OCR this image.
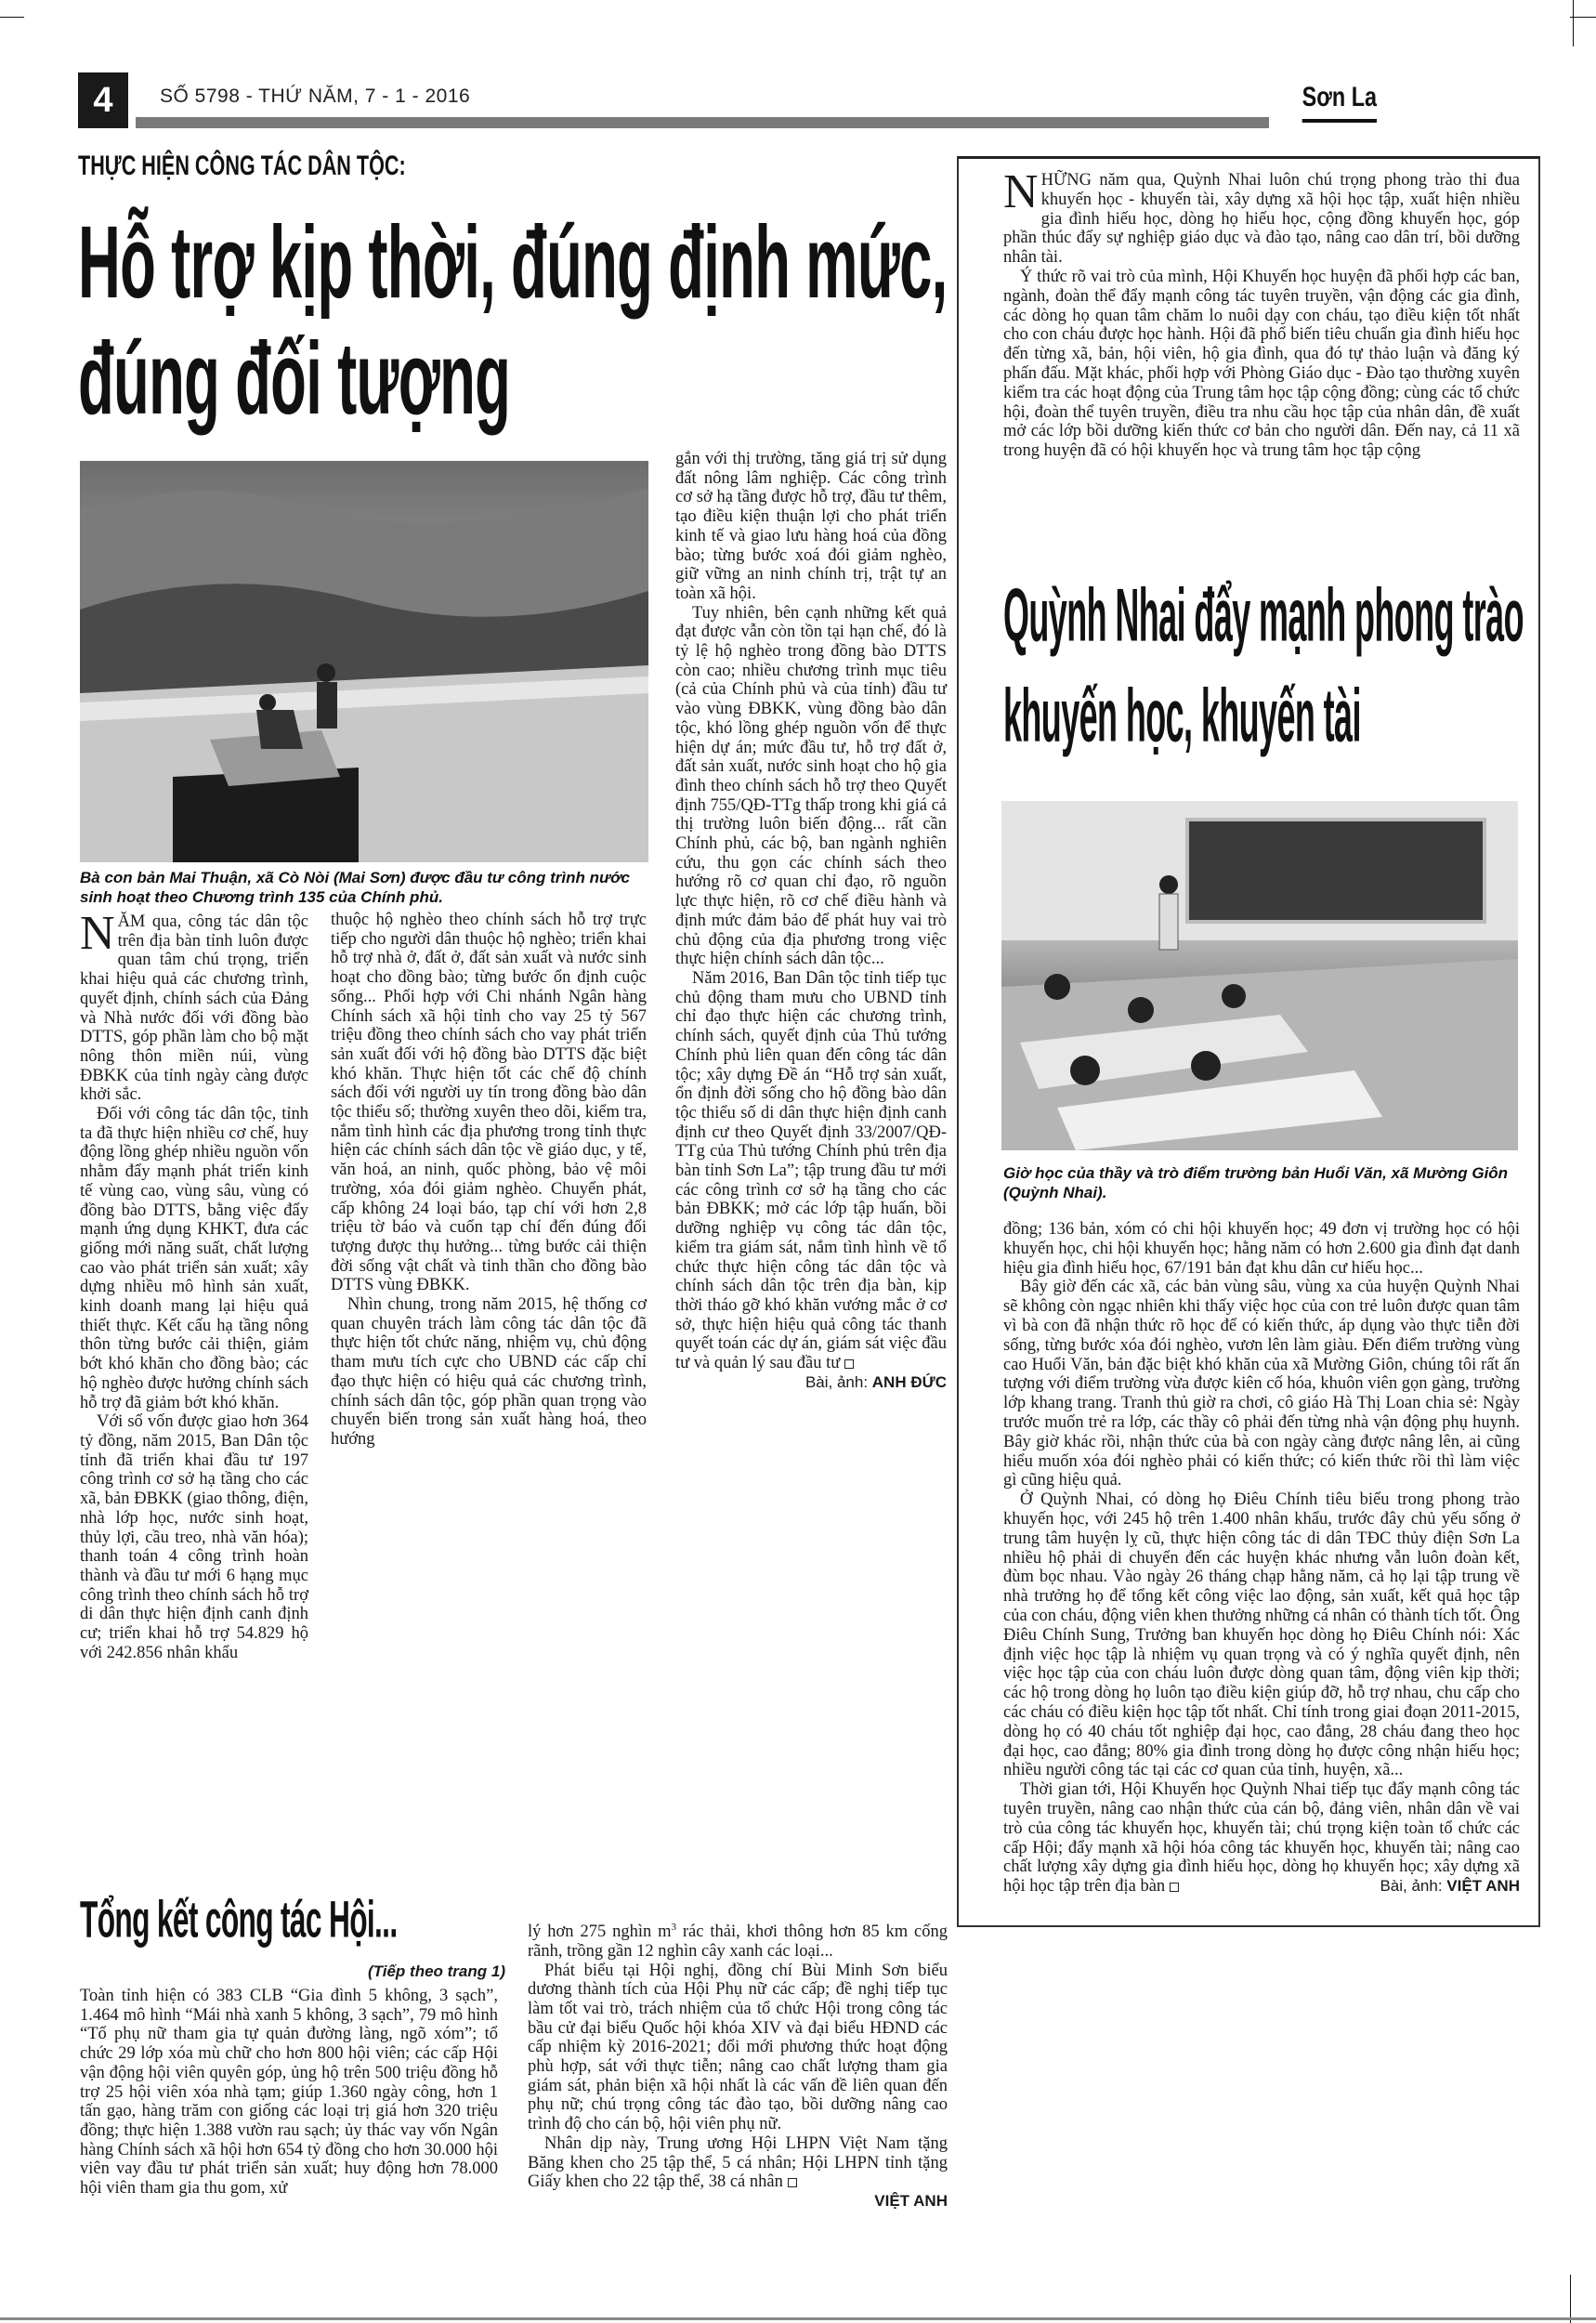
4	SỐ 5798 - THỨ NĂM, 7 - 1 - 2016	Sơn La
THỰC HIỆN CÔNG TÁC DÂN TỘC:
Hỗ trợ kịp thời, đúng định mức,
đúng đối tượng
Bà con bản Mai Thuận, xã Cò Nòi (Mai Sơn) được đầu tư công trình nước sinh hoạt theo Chương trình 135 của Chính phủ.

NĂM qua, công tác dân tộc trên địa bàn tỉnh luôn được quan tâm chú trọng, triển khai hiệu quả các chương trình, quyết định, chính sách của Đảng và Nhà nước đối với đồng bào DTTS, góp phần làm cho bộ mặt nông thôn miền núi, vùng ĐBKK của tỉnh ngày càng được khởi sắc.

Đối với công tác dân tộc, tỉnh ta đã thực hiện nhiều cơ chế, huy động lồng ghép nhiều nguồn vốn nhằm đẩy mạnh phát triển kinh tế vùng cao, vùng sâu, vùng có đồng bào DTTS, bằng việc đẩy mạnh ứng dụng KHKT, đưa các giống mới năng suất, chất lượng cao vào phát triển sản xuất; xây dựng nhiều mô hình sản xuất, kinh doanh mang lại hiệu quả thiết thực. Kết cấu hạ tầng nông thôn từng bước cải thiện, giảm bớt khó khăn cho đồng bào; các hộ nghèo được hưởng chính sách hỗ trợ đã giảm bớt khó khăn.

Với số vốn được giao hơn 364 tỷ đồng, năm 2015, Ban Dân tộc tỉnh đã triển khai đầu tư 197 công trình cơ sở hạ tầng cho các xã, bản ĐBKK (giao thông, điện, nhà lớp học, nước sinh hoạt, thủy lợi, cầu treo, nhà văn hóa); thanh toán 4 công trình hoàn thành và đầu tư mới 6 hạng mục công trình theo chính sách hỗ trợ di dân thực hiện định canh định cư; triển khai hỗ trợ 54.829 hộ với 242.856 nhân khẩu

thuộc hộ nghèo theo chính sách hỗ trợ trực tiếp cho người dân thuộc hộ nghèo; triển khai hỗ trợ nhà ở, đất ở, đất sản xuất và nước sinh hoạt cho đồng bào; từng bước ổn định cuộc sống... Phối hợp với Chi nhánh Ngân hàng Chính sách xã hội tỉnh cho vay 25 tỷ 567 triệu đồng theo chính sách cho vay phát triển sản xuất đối với hộ đồng bào DTTS đặc biệt khó khăn. Thực hiện tốt các chế độ chính sách đối với người uy tín trong đồng bào dân tộc thiểu số; thường xuyên theo dõi, kiểm tra, nắm tình hình các địa phương trong tỉnh thực hiện các chính sách dân tộc về giáo dục, y tế, văn hoá, an ninh, quốc phòng, bảo vệ môi trường, xóa đói giảm nghèo. Chuyển phát, cấp không 24 loại báo, tạp chí với hơn 2,8 triệu tờ báo và cuốn tạp chí đến đúng đối tượng được thụ hưởng... từng bước cải thiện đời sống vật chất và tinh thần cho đồng bào DTTS vùng ĐBKK.

Nhìn chung, trong năm 2015, hệ thống cơ quan chuyên trách làm công tác dân tộc đã thực hiện tốt chức năng, nhiệm vụ, chủ động tham mưu tích cực cho UBND các cấp chỉ đạo thực hiện có hiệu quả các chương trình, chính sách dân tộc, góp phần quan trọng vào chuyển biến trong sản xuất hàng hoá, theo hướng

gắn với thị trường, tăng giá trị sử dụng đất nông lâm nghiệp. Các công trình cơ sở hạ tầng được hỗ trợ, đầu tư thêm, tạo điều kiện thuận lợi cho phát triển kinh tế và giao lưu hàng hoá của đồng bào; từng bước xoá đói giảm nghèo, giữ vững an ninh chính trị, trật tự an toàn xã hội.

Tuy nhiên, bên cạnh những kết quả đạt được vẫn còn tồn tại hạn chế, đó là tỷ lệ hộ nghèo trong đồng bào DTTS còn cao; nhiều chương trình mục tiêu (cả của Chính phủ và của tỉnh) đầu tư vào vùng ĐBKK, vùng đồng bào dân tộc, khó lồng ghép nguồn vốn để thực hiện dự án; mức đầu tư, hỗ trợ đất ở, đất sản xuất, nước sinh hoạt cho hộ gia đình theo chính sách hỗ trợ theo Quyết định 755/QĐ-TTg thấp trong khi giá cả thị trường luôn biến động... rất cần Chính phủ, các bộ, ban ngành nghiên cứu, thu gọn các chính sách theo hướng rõ cơ quan chỉ đạo, rõ nguồn lực thực hiện, rõ cơ chế điều hành và định mức đảm bảo để phát huy vai trò chủ động của địa phương trong việc thực hiện chính sách dân tộc...

Năm 2016, Ban Dân tộc tỉnh tiếp tục chủ động tham mưu cho UBND tỉnh chỉ đạo thực hiện các chương trình, chính sách, quyết định của Thủ tướng Chính phủ liên quan đến công tác dân tộc; xây dựng Đề án “Hỗ trợ sản xuất, ổn định đời sống cho hộ đồng bào dân tộc thiểu số di dân thực hiện định canh định cư theo Quyết định 33/2007/QĐ-TTg của Thủ tướng Chính phủ trên địa bàn tỉnh Sơn La”; tập trung đầu tư mới các công trình cơ sở hạ tầng cho các bản ĐBKK; mở các lớp tập huấn, bồi dưỡng nghiệp vụ công tác dân tộc, kiểm tra giám sát, nắm tình hình về tổ chức thực hiện công tác dân tộc và chính sách dân tộc trên địa bàn, kịp thời tháo gỡ khó khăn vướng mắc ở cơ sở, thực hiện hiệu quả công tác thanh quyết toán các dự án, giám sát việc đầu tư và quản lý sau đầu tư

Bài, ảnh: ANH ĐỨC

NHỮNG năm qua, Quỳnh Nhai luôn chú trọng phong trào thi đua khuyến học - khuyến tài, xây dựng xã hội học tập, xuất hiện nhiều gia đình hiếu học, dòng họ hiếu học, cộng đồng khuyến học, góp phần thúc đẩy sự nghiệp giáo dục và đào tạo, nâng cao dân trí, bồi dưỡng nhân tài.

Ý thức rõ vai trò của mình, Hội Khuyến học huyện đã phối hợp các ban, ngành, đoàn thể đẩy mạnh công tác tuyên truyền, vận động các gia đình, các dòng họ quan tâm chăm lo nuôi dạy con cháu, tạo điều kiện tốt nhất cho con cháu được học hành. Hội đã phổ biến tiêu chuẩn gia đình hiếu học đến từng xã, bản, hội viên, hộ gia đình, qua đó tự thảo luận và đăng ký phấn đấu. Mặt khác, phối hợp với Phòng Giáo dục - Đào tạo thường xuyên kiểm tra các hoạt động của Trung tâm học tập cộng đồng; cùng các tổ chức hội, đoàn thể tuyên truyền, điều tra nhu cầu học tập của nhân dân, đề xuất mở các lớp bồi dưỡng kiến thức cơ bản cho người dân. Đến nay, cả 11 xã trong huyện đã có hội khuyến học và trung tâm học tập cộng

Quỳnh Nhai đẩy mạnh phong trào
khuyến học, khuyến tài
Giờ học của thầy và trò điểm trường bản Huổi Văn, xã Mường Giôn (Quỳnh Nhai).

đồng; 136 bản, xóm có chi hội khuyến học; 49 đơn vị trường học có hội khuyến học, chi hội khuyến học; hằng năm có hơn 2.600 gia đình đạt danh hiệu gia đình hiếu học, 67/191 bản đạt khu dân cư hiếu học...

Bây giờ đến các xã, các bản vùng sâu, vùng xa của huyện Quỳnh Nhai sẽ không còn ngạc nhiên khi thấy việc học của con trẻ luôn được quan tâm vì bà con đã nhận thức rõ học để có kiến thức, áp dụng vào thực tiễn đời sống, từng bước xóa đói nghèo, vươn lên làm giàu. Đến điểm trường vùng cao Huổi Văn, bản đặc biệt khó khăn của xã Mường Giôn, chúng tôi rất ấn tượng với điểm trường vừa được kiên cố hóa, khuôn viên gọn gàng, trường lớp khang trang. Tranh thủ giờ ra chơi, cô giáo Hà Thị Loan chia sẻ: Ngày trước muốn trẻ ra lớp, các thầy cô phải đến từng nhà vận động phụ huynh. Bây giờ khác rồi, nhận thức của bà con ngày càng được nâng lên, ai cũng hiểu muốn xóa đói nghèo phải có kiến thức; có kiến thức rồi thì làm việc gì cũng hiệu quả.

Ở Quỳnh Nhai, có dòng họ Điêu Chính tiêu biểu trong phong trào khuyến học, với 245 hộ trên 1.400 nhân khẩu, trước đây chủ yếu sống ở trung tâm huyện lỵ cũ, thực hiện công tác di dân TĐC thủy điện Sơn La nhiều hộ phải di chuyển đến các huyện khác nhưng vẫn luôn đoàn kết, đùm bọc nhau. Vào ngày 26 tháng chạp hằng năm, cả họ lại tập trung về nhà trưởng họ để tổng kết công việc lao động, sản xuất, kết quả học tập của con cháu, động viên khen thưởng những cá nhân có thành tích tốt. Ông Điêu Chính Sung, Trưởng ban khuyến học dòng họ Điêu Chính nói: Xác định việc học tập là nhiệm vụ quan trọng và có ý nghĩa quyết định, nên việc học tập của con cháu luôn được dòng quan tâm, động viên kịp thời; các hộ trong dòng họ luôn tạo điều kiện giúp đỡ, hỗ trợ nhau, chu cấp cho các cháu có điều kiện học tập tốt nhất. Chỉ tính trong giai đoạn 2011-2015, dòng họ có 40 cháu tốt nghiệp đại học, cao đẳng, 28 cháu đang theo học đại học, cao đẳng; 80% gia đình trong dòng họ được công nhận hiếu học; nhiều người công tác tại các cơ quan của tỉnh, huyện, xã...

Thời gian tới, Hội Khuyến học Quỳnh Nhai tiếp tục đẩy mạnh công tác tuyên truyền, nâng cao nhận thức của cán bộ, đảng viên, nhân dân về vai trò của công tác khuyến học, khuyến tài; chú trọng kiện toàn tổ chức các cấp Hội; đẩy mạnh xã hội hóa công tác khuyến học, khuyến tài; nâng cao chất lượng xây dựng gia đình hiếu học, dòng họ khuyến học; xây dựng xã hội học tập trên địa bàn	Bài, ảnh: VIỆT ANH

Tổng kết công tác Hội...
(Tiếp theo trang 1)

Toàn tỉnh hiện có 383 CLB “Gia đình 5 không, 3 sạch”, 1.464 mô hình “Mái nhà xanh 5 không, 3 sạch”, 79 mô hình “Tổ phụ nữ tham gia tự quản đường làng, ngõ xóm”; tổ chức 29 lớp xóa mù chữ cho hơn 800 hội viên; các cấp Hội vận động hội viên quyên góp, ủng hộ trên 500 triệu đồng hỗ trợ 25 hội viên xóa nhà tạm; giúp 1.360 ngày công, hơn 1 tấn gạo, hàng trăm con giống các loại trị giá hơn 320 triệu đồng; thực hiện 1.388 vườn rau sạch; ủy thác vay vốn Ngân hàng Chính sách xã hội hơn 654 tỷ đồng cho hơn 30.000 hội viên vay đầu tư phát triển sản xuất; huy động hơn 78.000 hội viên tham gia thu gom, xử

lý hơn 275 nghìn $m^3$ rác thải, khơi thông hơn 85 km cống rãnh, trồng gần 12 nghìn cây xanh các loại...

Phát biểu tại Hội nghị, đồng chí Bùi Minh Sơn biểu dương thành tích của Hội Phụ nữ các cấp; đề nghị tiếp tục làm tốt vai trò, trách nhiệm của tổ chức Hội trong công tác bầu cử đại biểu Quốc hội khóa XIV và đại biểu HĐND các cấp nhiệm kỳ 2016-2021; đổi mới phương thức hoạt động phù hợp, sát với thực tiễn; nâng cao chất lượng tham gia giám sát, phản biện xã hội nhất là các vấn đề liên quan đến phụ nữ; chú trọng công tác đào tạo, bồi dưỡng nâng cao trình độ cho cán bộ, hội viên phụ nữ.

Nhân dịp này, Trung ương Hội LHPN Việt Nam tặng Băng khen cho 25 tập thể, 5 cá nhân; Hội LHPN tỉnh tặng Giấy khen cho 22 tập thể, 38 cá nhân

VIỆT ANH
